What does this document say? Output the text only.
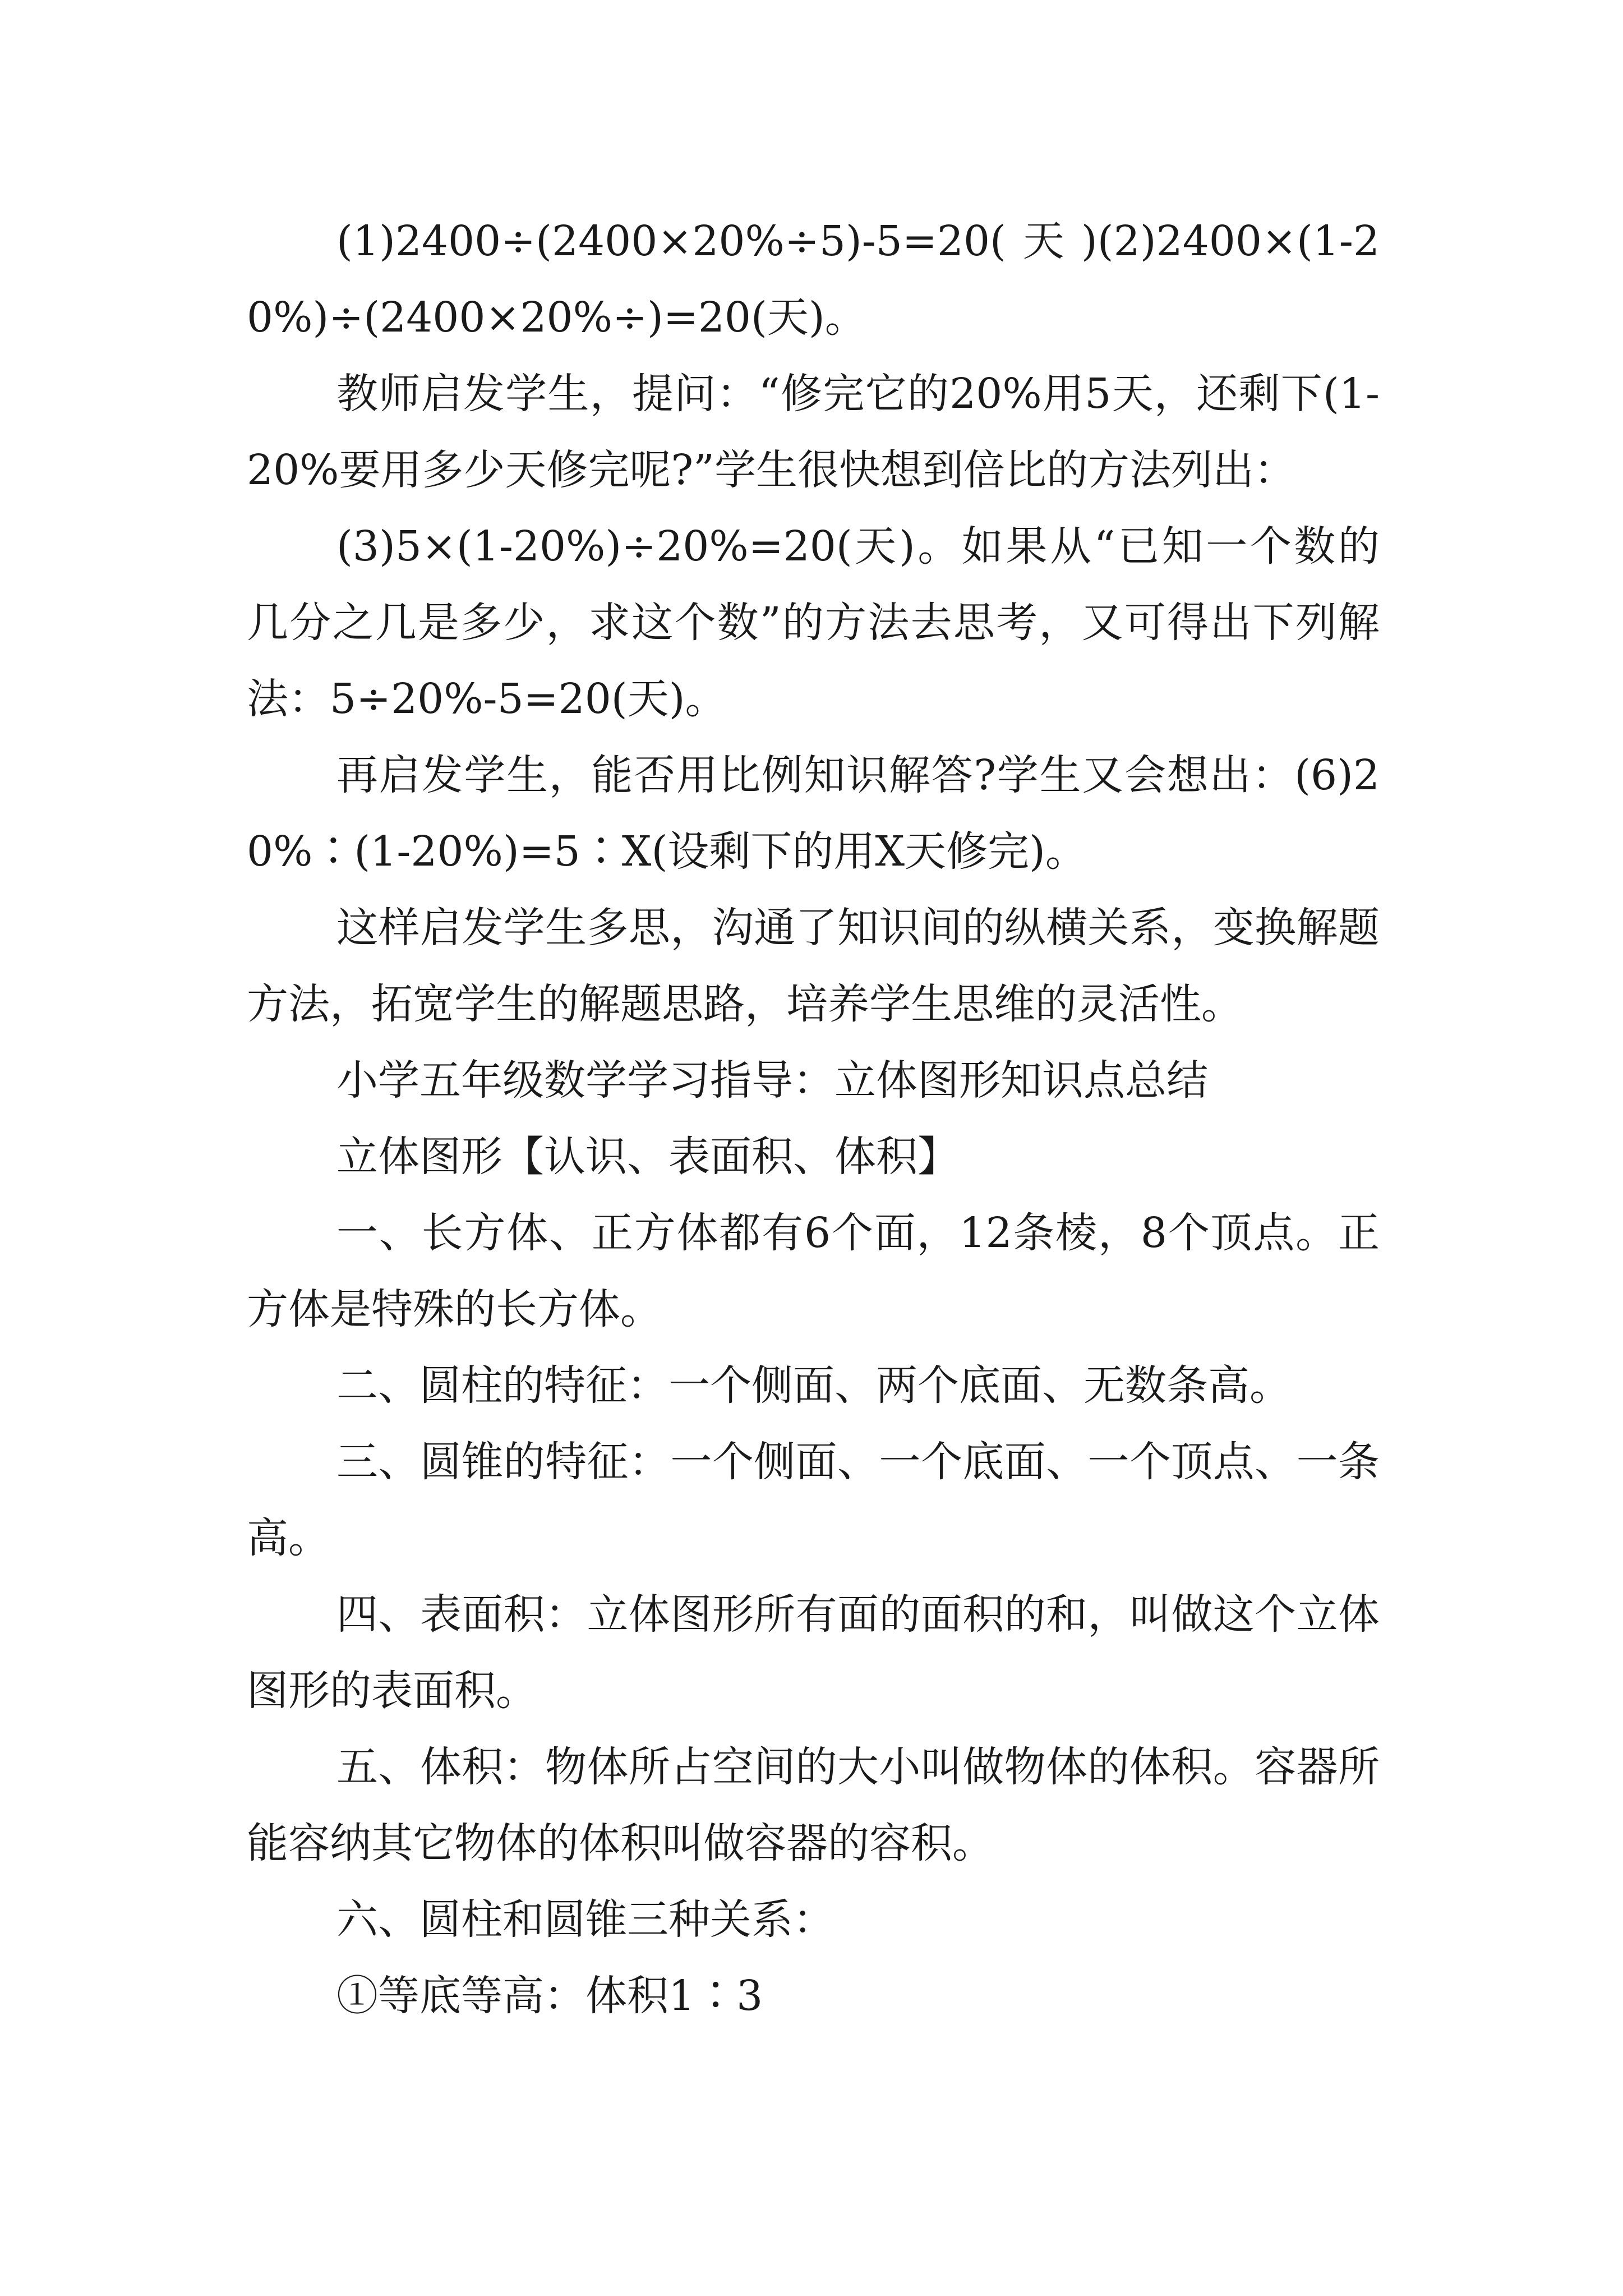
(1)2400÷(2400×20%÷5)-5=20(天)(2)2400×(1-20%)÷(2400×20%÷)=20(天)。

教师启发学生，提问：“修完它的20%用5天，还剩下(1-20%要用多少天修完呢?”学生很快想到倍比的方法列出：

(3)5×(1-20%)÷20%=20(天)。如果从“已知一个数的几分之几是多少，求这个数”的方法去思考，又可得出下列解法：5÷20%-5=20(天)。

再启发学生，能否用比例知识解答?学生又会想出：(6)20%∶(1-20%)=5∶X(设剩下的用X天修完)。

这样启发学生多思，沟通了知识间的纵横关系，变换解题方法，拓宽学生的解题思路，培养学生思维的灵活性。

小学五年级数学学习指导：立体图形知识点总结

立体图形【认识、表面积、体积】

一、长方体、正方体都有6个面，12条棱，8个顶点。正方体是特殊的长方体。

二、圆柱的特征：一个侧面、两个底面、无数条高。

三、圆锥的特征：一个侧面、一个底面、一个顶点、一条高。

四、表面积：立体图形所有面的面积的和，叫做这个立体图形的表面积。

五、体积：物体所占空间的大小叫做物体的体积。容器所能容纳其它物体的体积叫做容器的容积。

六、圆柱和圆锥三种关系：

①等底等高：体积1∶3
